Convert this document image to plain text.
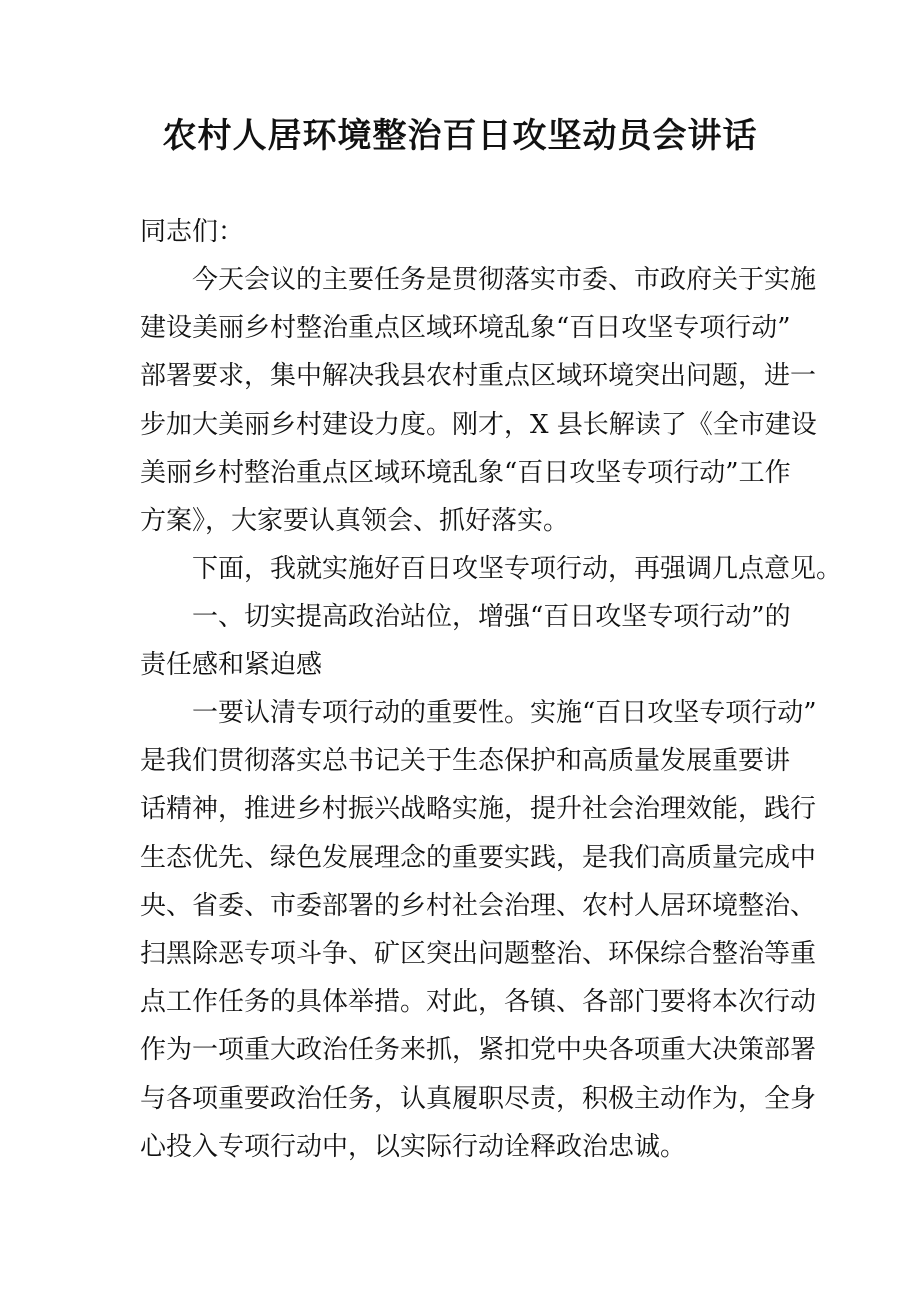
农村人居环境整治百日攻坚动员会讲话
同志们：
今天会议的主要任务是贯彻落实市委、市政府关于实施
建设美丽乡村整治重点区域环境乱象“百日攻坚专项行动”
部署要求，集中解决我县农村重点区域环境突出问题，进一
步加大美丽乡村建设力度。刚才，X 县长解读了《全市建设
美丽乡村整治重点区域环境乱象“百日攻坚专项行动”工作
方案》，大家要认真领会、抓好落实。
下面，我就实施好百日攻坚专项行动，再强调几点意见。
一、切实提高政治站位，增强“百日攻坚专项行动”的
责任感和紧迫感
一要认清专项行动的重要性。实施“百日攻坚专项行动”
是我们贯彻落实总书记关于生态保护和高质量发展重要讲
话精神，推进乡村振兴战略实施，提升社会治理效能，践行
生态优先、绿色发展理念的重要实践，是我们高质量完成中
央、省委、市委部署的乡村社会治理、农村人居环境整治、
扫黑除恶专项斗争、矿区突出问题整治、环保综合整治等重
点工作任务的具体举措。对此，各镇、各部门要将本次行动
作为一项重大政治任务来抓，紧扣党中央各项重大决策部署
与各项重要政治任务，认真履职尽责，积极主动作为，全身
心投入专项行动中，以实际行动诠释政治忠诚。
